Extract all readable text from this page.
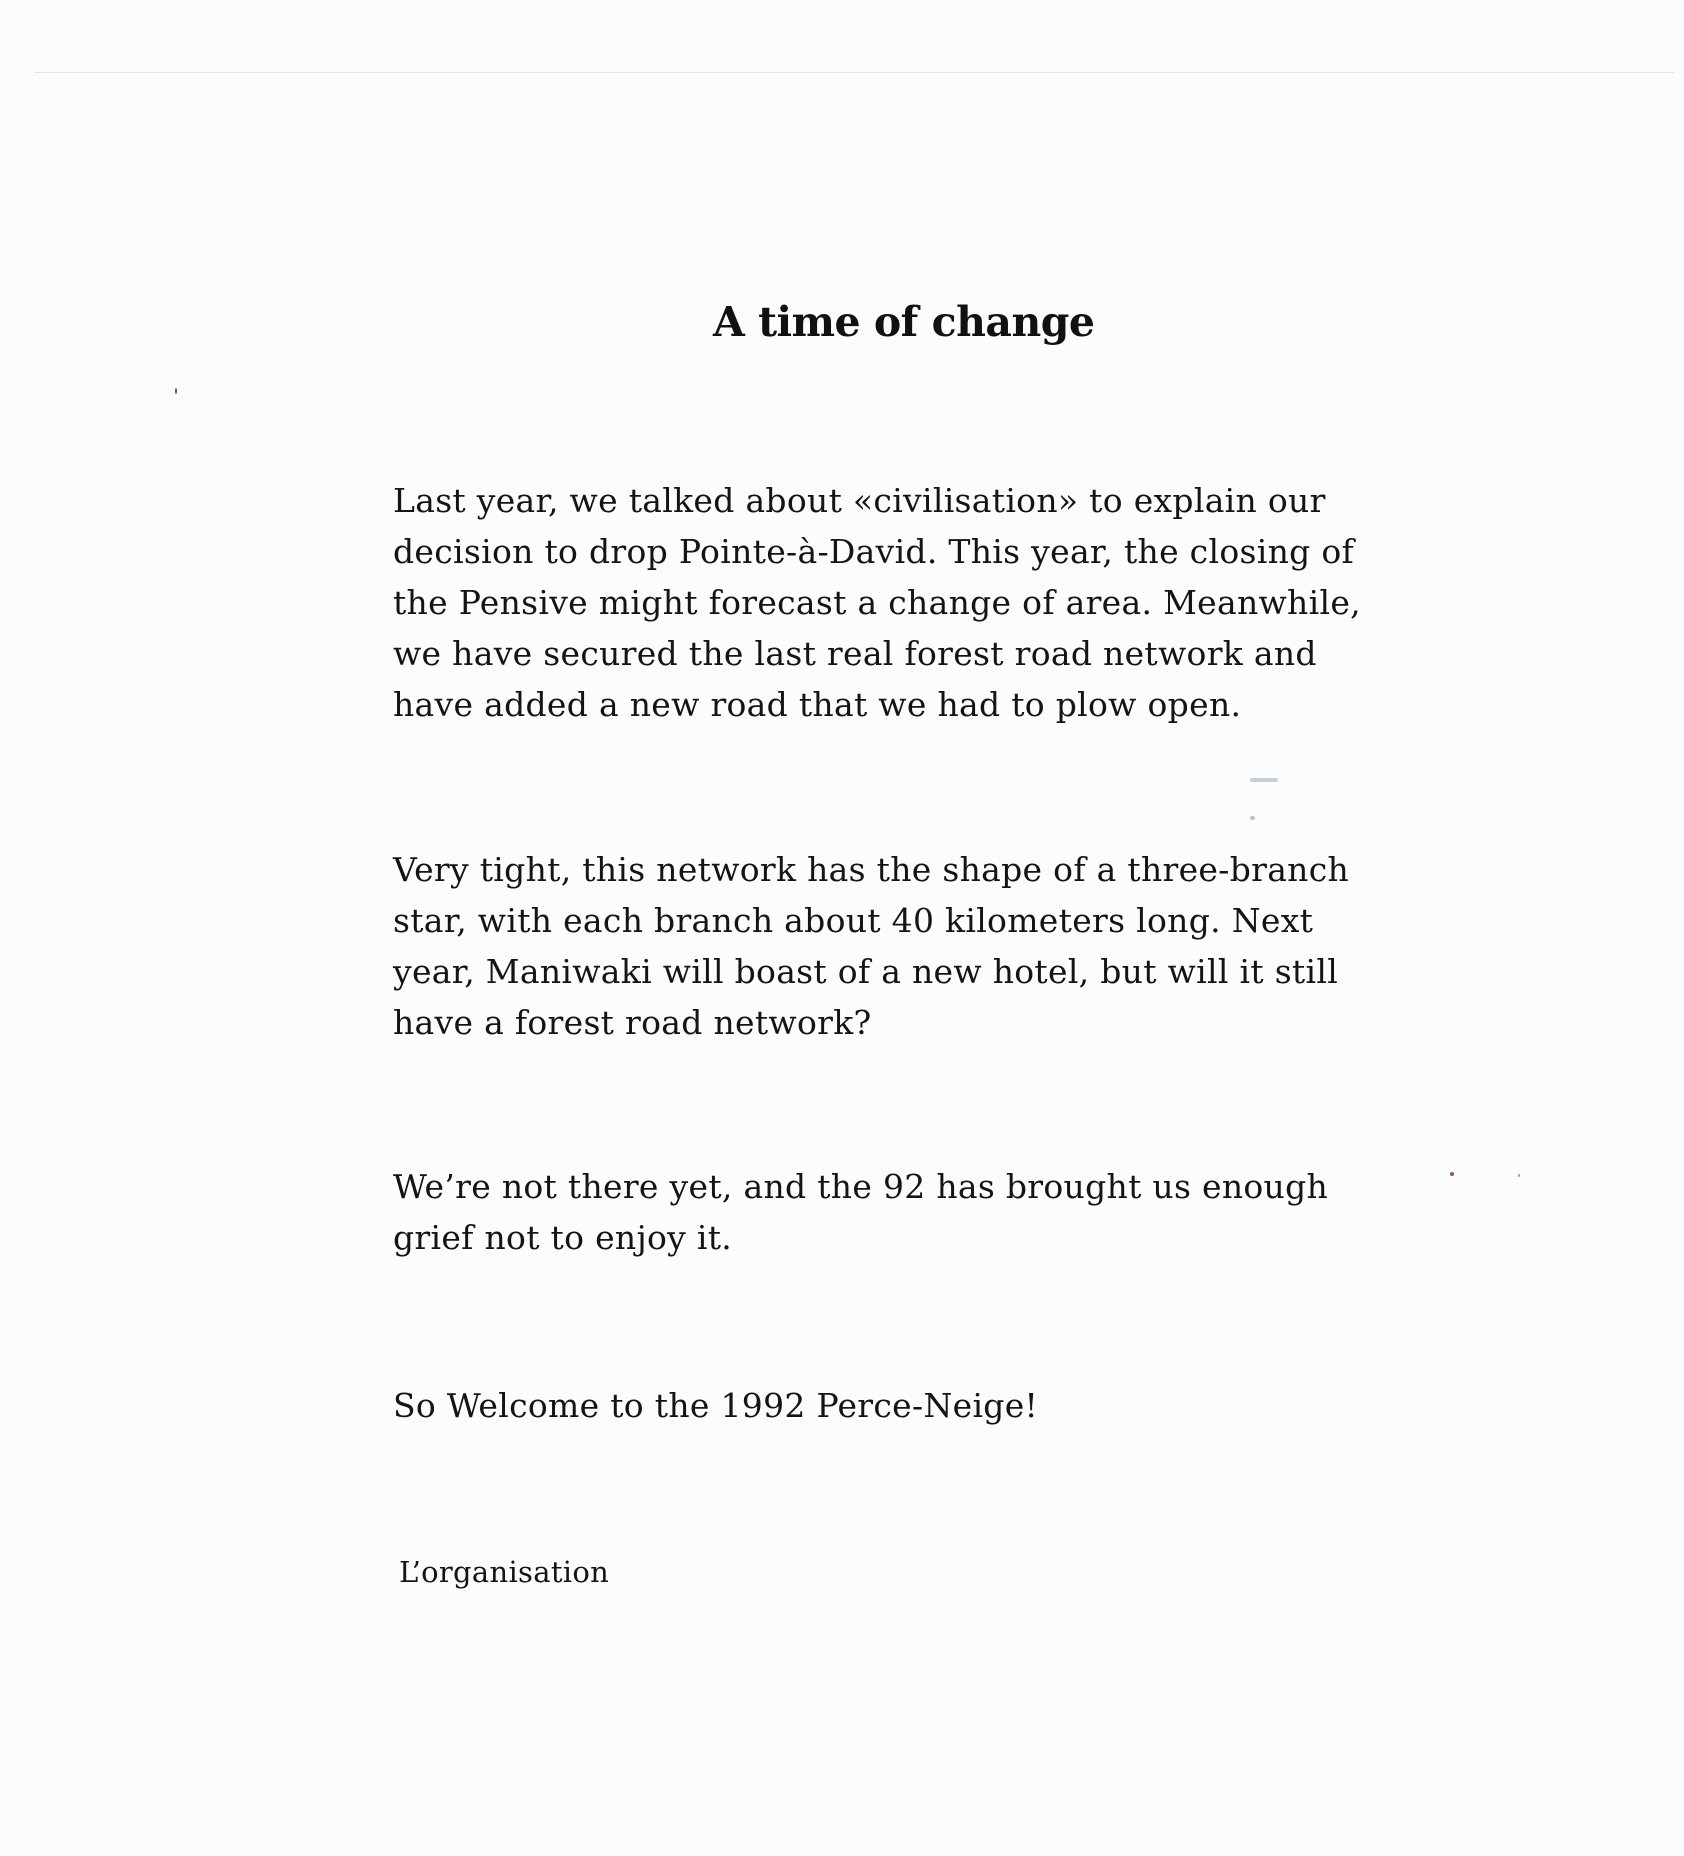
A time of change

Last year, we talked about «civilisation» to explain our
decision to drop Pointe-à-David. This year, the closing of
the Pensive might forecast a change of area. Meanwhile,
we have secured the last real forest road network and
have added a new road that we had to plow open.

Very tight, this network has the shape of a three-branch
star, with each branch about 40 kilometers long. Next
year, Maniwaki will boast of a new hotel, but will it still
have a forest road network?

We’re not there yet, and the 92 has brought us enough
grief not to enjoy it.

So Welcome to the 1992 Perce-Neige!

L’organisation
